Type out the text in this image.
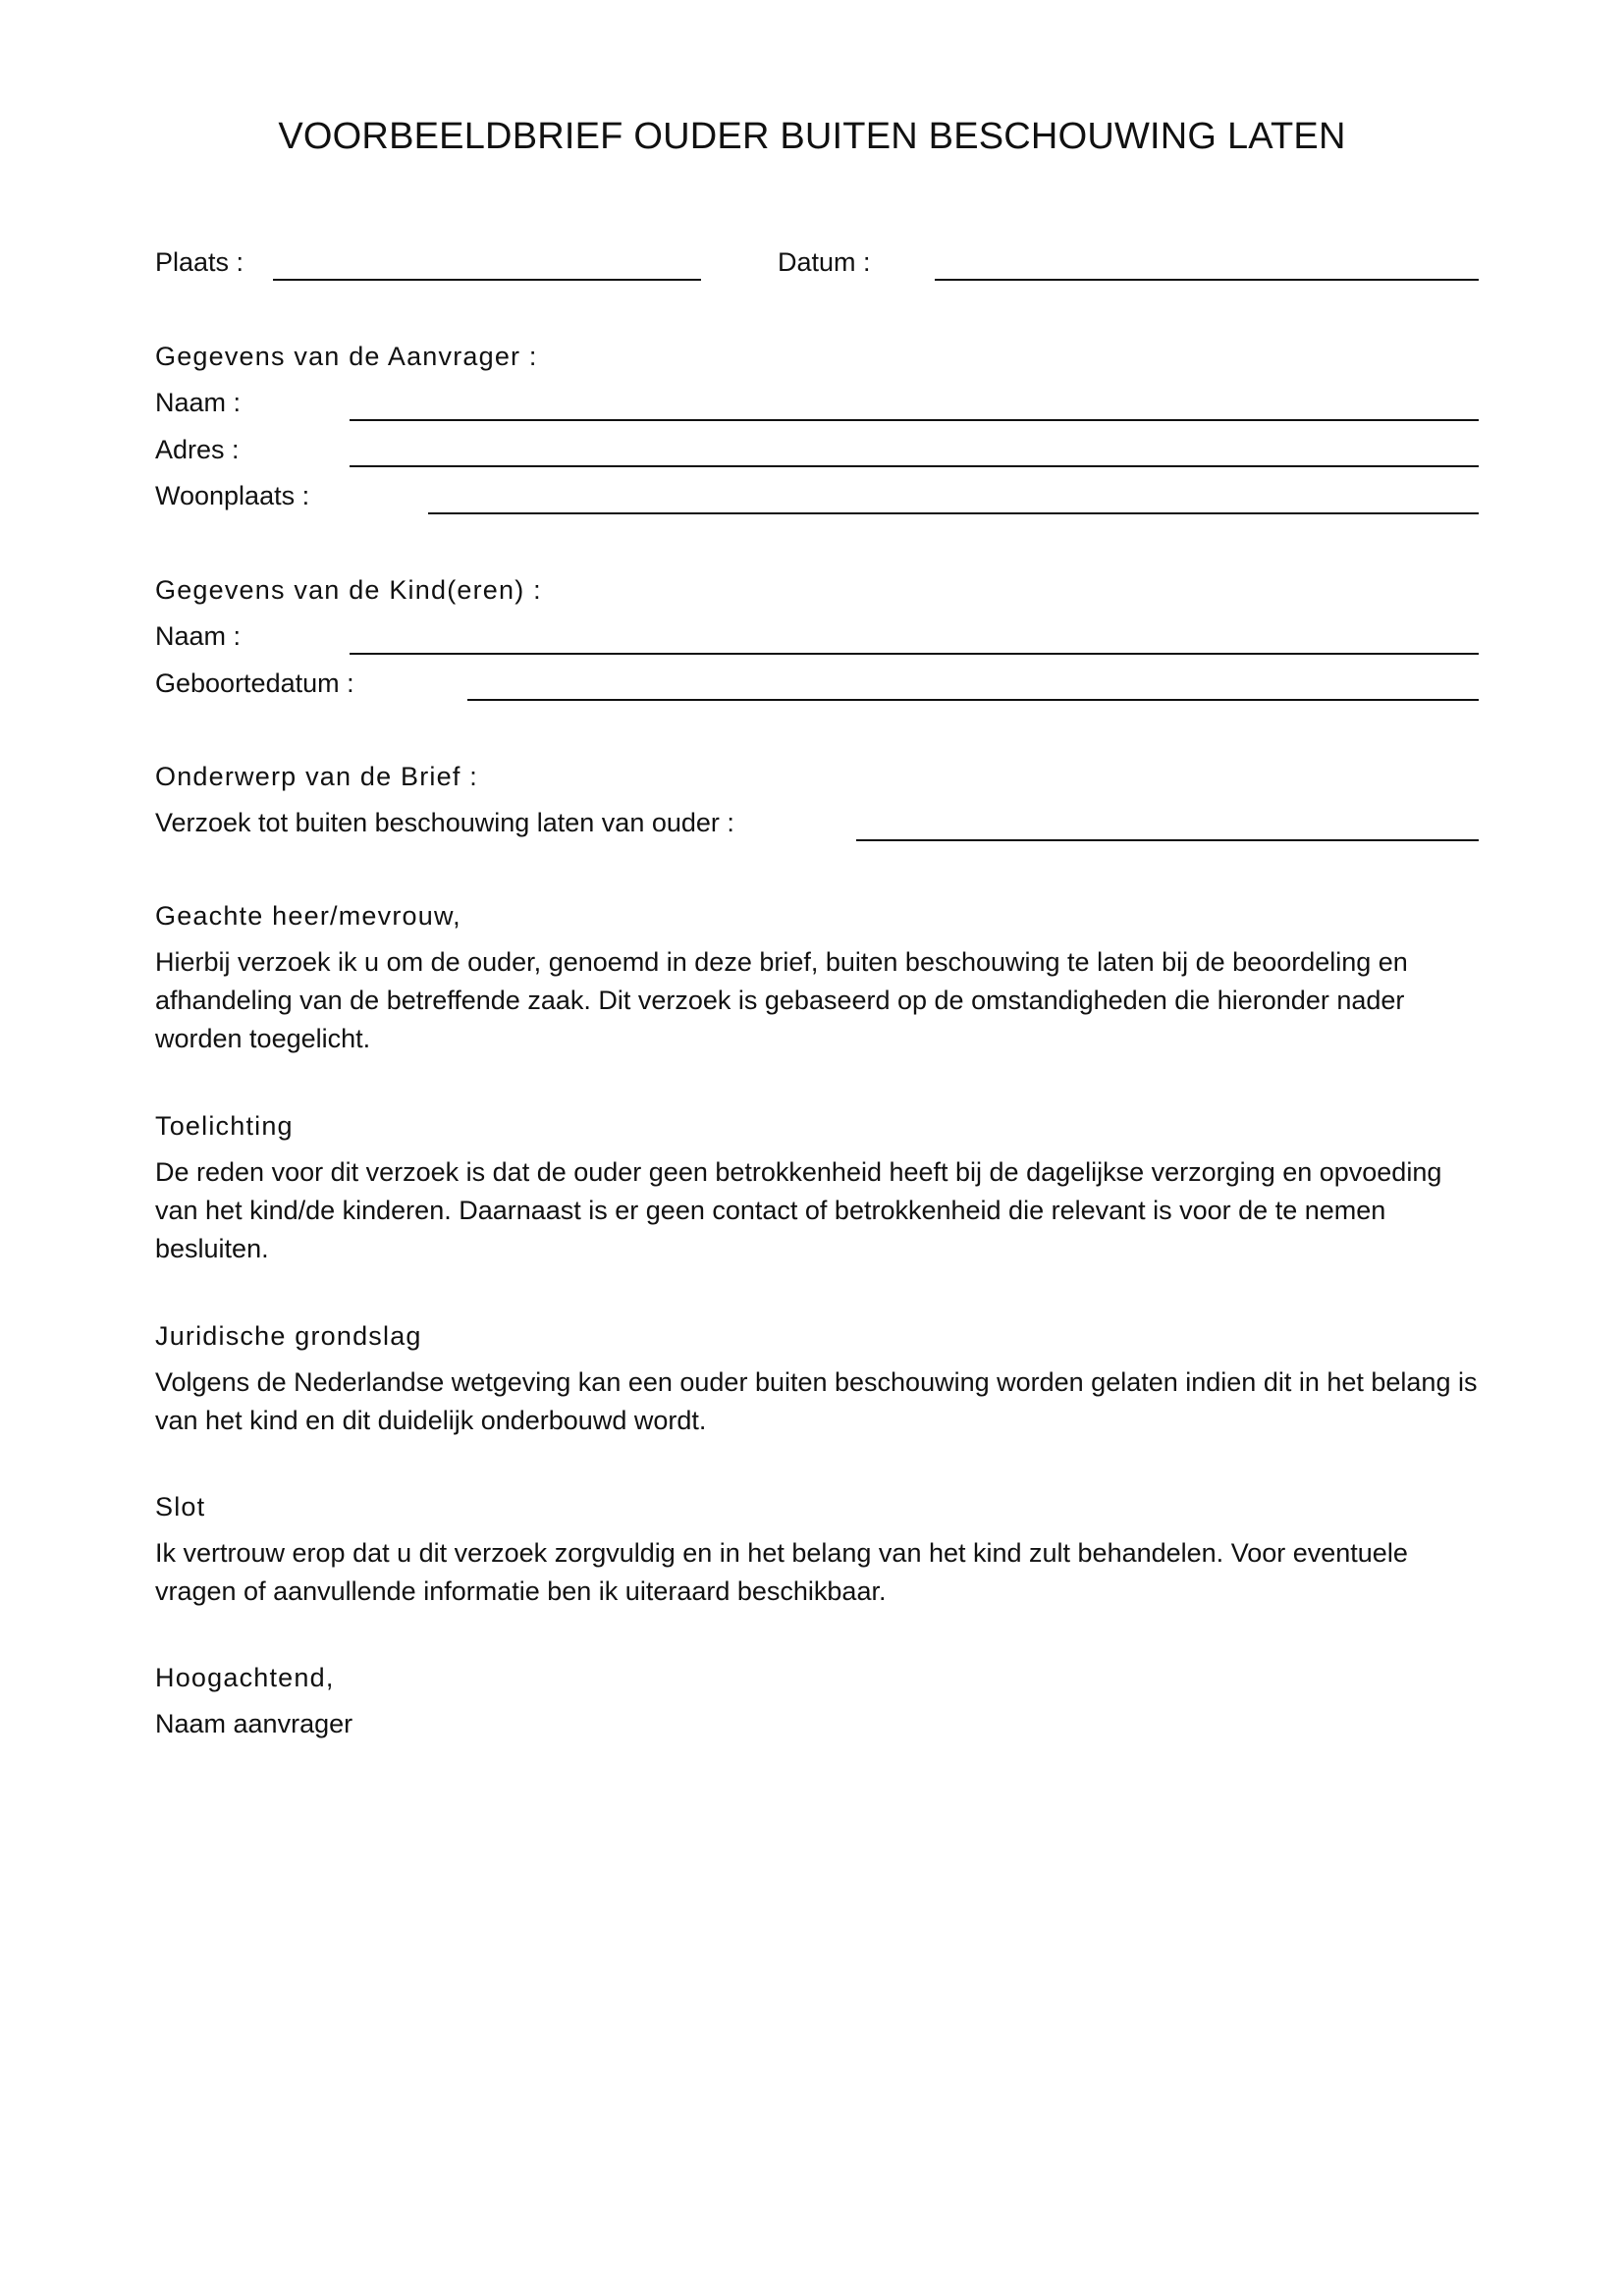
VOORBEELDBRIEF OUDER BUITEN BESCHOUWING LATEN
Plaats :	Datum :
Gegevens van de Aanvrager :
Naam :
Adres :
Woonplaats :
Gegevens van de Kind(eren) :
Naam :
Geboortedatum :
Onderwerp van de Brief :
Verzoek tot buiten beschouwing laten van ouder :
Geachte heer/mevrouw,
Hierbij verzoek ik u om de ouder, genoemd in deze brief, buiten beschouwing te laten bij de beoordeling en afhandeling van de betreffende zaak. Dit verzoek is gebaseerd op de omstandigheden die hieronder nader worden toegelicht.
Toelichting
De reden voor dit verzoek is dat de ouder geen betrokkenheid heeft bij de dagelijkse verzorging en opvoeding van het kind/de kinderen. Daarnaast is er geen contact of betrokkenheid die relevant is voor de te nemen besluiten.
Juridische grondslag
Volgens de Nederlandse wetgeving kan een ouder buiten beschouwing worden gelaten indien dit in het belang is van het kind en dit duidelijk onderbouwd wordt.
Slot
Ik vertrouw erop dat u dit verzoek zorgvuldig en in het belang van het kind zult behandelen. Voor eventuele vragen of aanvullende informatie ben ik uiteraard beschikbaar.
Hoogachtend,
Naam aanvrager
